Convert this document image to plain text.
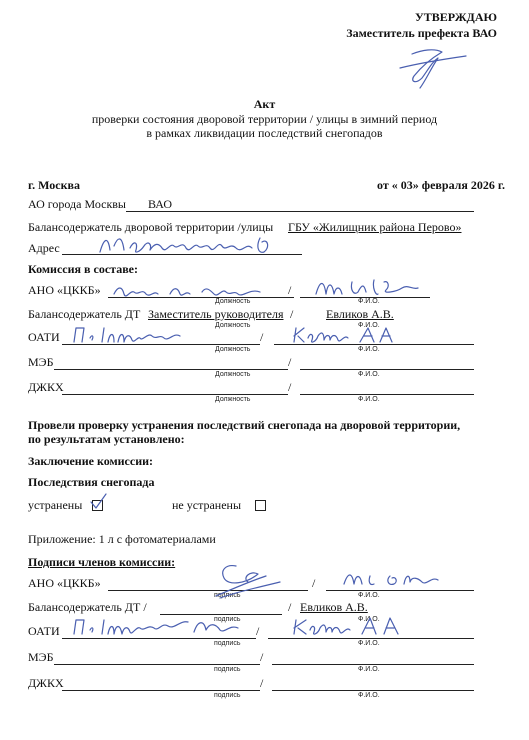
УТВЕРЖДАЮ
Заместитель префекта ВАО
Акт
проверки состояния дворовой территории / улицы в зимний период
в рамках ликвидации последствий снегопадов
г. Москва	от « 03» февраля 2026 г.
АО города Москвы ВАО
Балансодержатель дворовой территории /улицы ГБУ «Жилищник района Перово»
Адрес
Комиссия в составе:
АНО «ЦККБ»	/
Должность	Ф.И.О.
Балансодержатель ДТ Заместитель руководителя /	Евликов А.В.
Должность	Ф.И.О.
ОАТИ	/
Должность	Ф.И.О.
МЭБ	/
Должность	Ф.И.О.
ДЖКХ	/
Должность	Ф.И.О.
Провели проверку устранения последствий снегопада на дворовой территории,
по результатам установлено:
Заключение комиссии:
Последствия снегопада
устранены	не устранены
Приложение: 1 л с фотоматериалами
Подписи членов комиссии:
АНО «ЦККБ»	/
подпись	Ф.И.О.
Балансодержатель ДТ /	/ Евликов А.В.
подпись	Ф.И.О.
ОАТИ	/
подпись	Ф.И.О.
МЭБ	/
подпись	Ф.И.О.
ДЖКХ	/
подпись	Ф.И.О.
